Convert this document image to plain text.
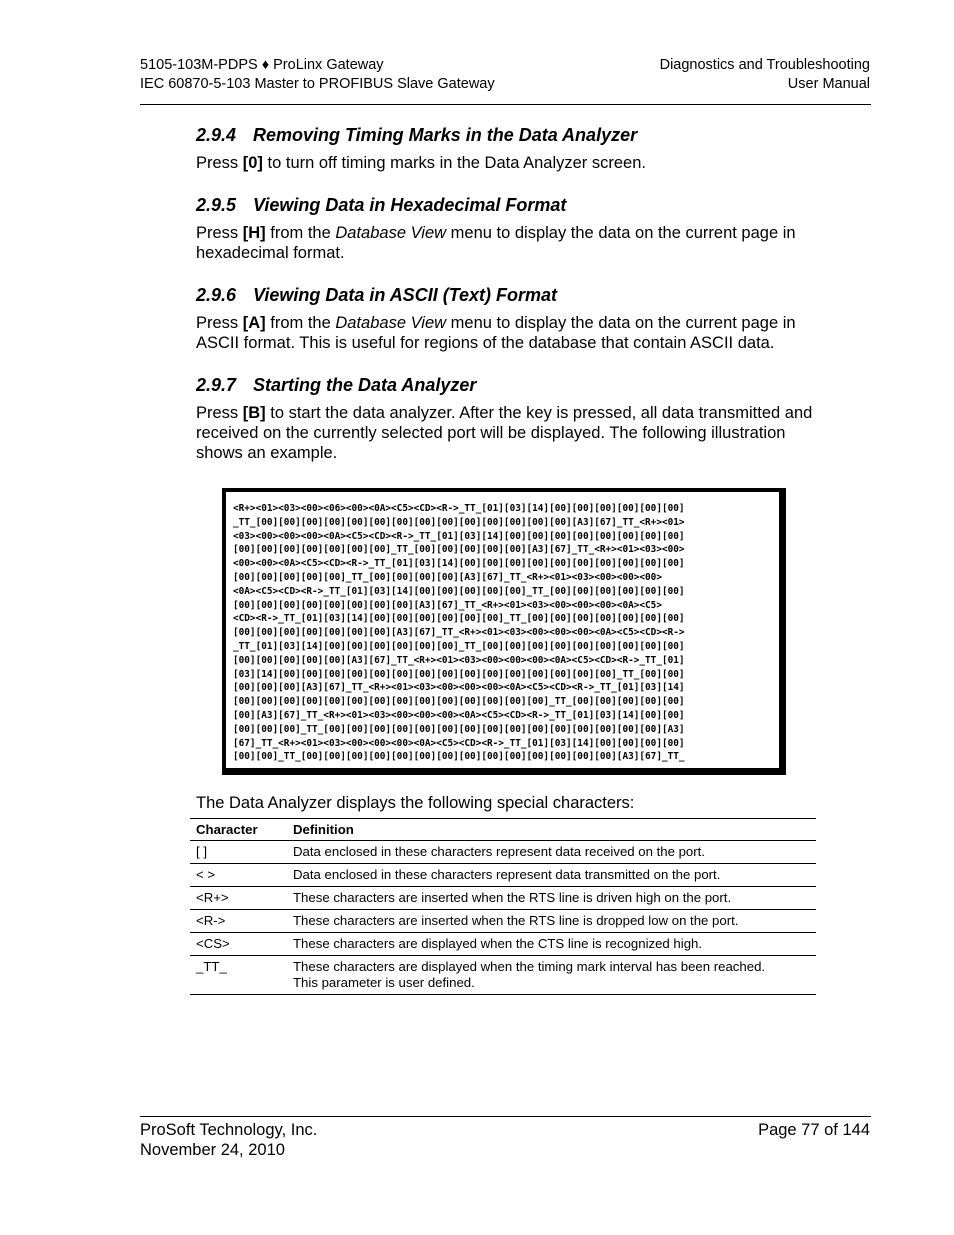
5105-103M-PDPS ♦ ProLinx Gateway
IEC 60870-5-103 Master to PROFIBUS Slave Gateway
Diagnostics and Troubleshooting
User Manual
2.9.4 Removing Timing Marks in the Data Analyzer

Press [0] to turn off timing marks in the Data Analyzer screen.

2.9.5 Viewing Data in Hexadecimal Format

Press [H] from the Database View menu to display the data on the current page in hexadecimal format.

2.9.6 Viewing Data in ASCII (Text) Format

Press [A] from the Database View menu to display the data on the current page in ASCII format. This is useful for regions of the database that contain ASCII data.

2.9.7 Starting the Data Analyzer

Press [B] to start the data analyzer. After the key is pressed, all data transmitted and received on the currently selected port will be displayed. The following illustration shows an example.

<R+><01><03><00><06><00><0A><C5><CD><R->_TT_[01][03][14][00][00][00][00][00][00]
_TT_[00][00][00][00][00][00][00][00][00][00][00][00][00][00][A3][67]_TT_<R+><01>
<03><00><00><00><0A><C5><CD><R->_TT_[01][03][14][00][00][00][00][00][00][00][00]
[00][00][00][00][00][00][00]_TT_[00][00][00][00][00][A3][67]_TT_<R+><01><03><00>
<00><00><0A><C5><CD><R->_TT_[01][03][14][00][00][00][00][00][00][00][00][00][00]
[00][00][00][00][00]_TT_[00][00][00][00][A3][67]_TT_<R+><01><03><00><00><00>
<0A><C5><CD><R->_TT_[01][03][14][00][00][00][00][00]_TT_[00][00][00][00][00][00]
[00][00][00][00][00][00][00][00][A3][67]_TT_<R+><01><03><00><00><00><0A><C5>
<CD><R->_TT_[01][03][14][00][00][00][00][00][00]_TT_[00][00][00][00][00][00][00]
[00][00][00][00][00][00][00][A3][67]_TT_<R+><01><03><00><00><00><0A><C5><CD><R->
_TT_[01][03][14][00][00][00][00][00][00]_TT_[00][00][00][00][00][00][00][00][00]
[00][00][00][00][00][A3][67]_TT_<R+><01><03><00><00><00><0A><C5><CD><R->_TT_[01]
[03][14][00][00][00][00][00][00][00][00][00][00][00][00][00][00][00]_TT_[00][00]
[00][00][00][A3][67]_TT_<R+><01><03><00><00><00><0A><C5><CD><R->_TT_[01][03][14]
[00][00][00][00][00][00][00][00][00][00][00][00][00][00]_TT_[00][00][00][00][00]
[00][A3][67]_TT_<R+><01><03><00><00><00><0A><C5><CD><R->_TT_[01][03][14][00][00]
[00][00][00]_TT_[00][00][00][00][00][00][00][00][00][00][00][00][00][00][00][A3]
[67]_TT_<R+><01><03><00><00><00><0A><C5><CD><R->_TT_[01][03][14][00][00][00][00]
[00][00]_TT_[00][00][00][00][00][00][00][00][00][00][00][00][00][00][A3][67]_TT_

The Data Analyzer displays the following special characters:

Character	Definition
[ ]	Data enclosed in these characters represent data received on the port.
< >	Data enclosed in these characters represent data transmitted on the port.
<R+>	These characters are inserted when the RTS line is driven high on the port.
<R->	These characters are inserted when the RTS line is dropped low on the port.
<CS>	These characters are displayed when the CTS line is recognized high.
_TT_	These characters are displayed when the timing mark interval has been reached.
This parameter is user defined.
ProSoft Technology, Inc.
November 24, 2010
Page 77 of 144
